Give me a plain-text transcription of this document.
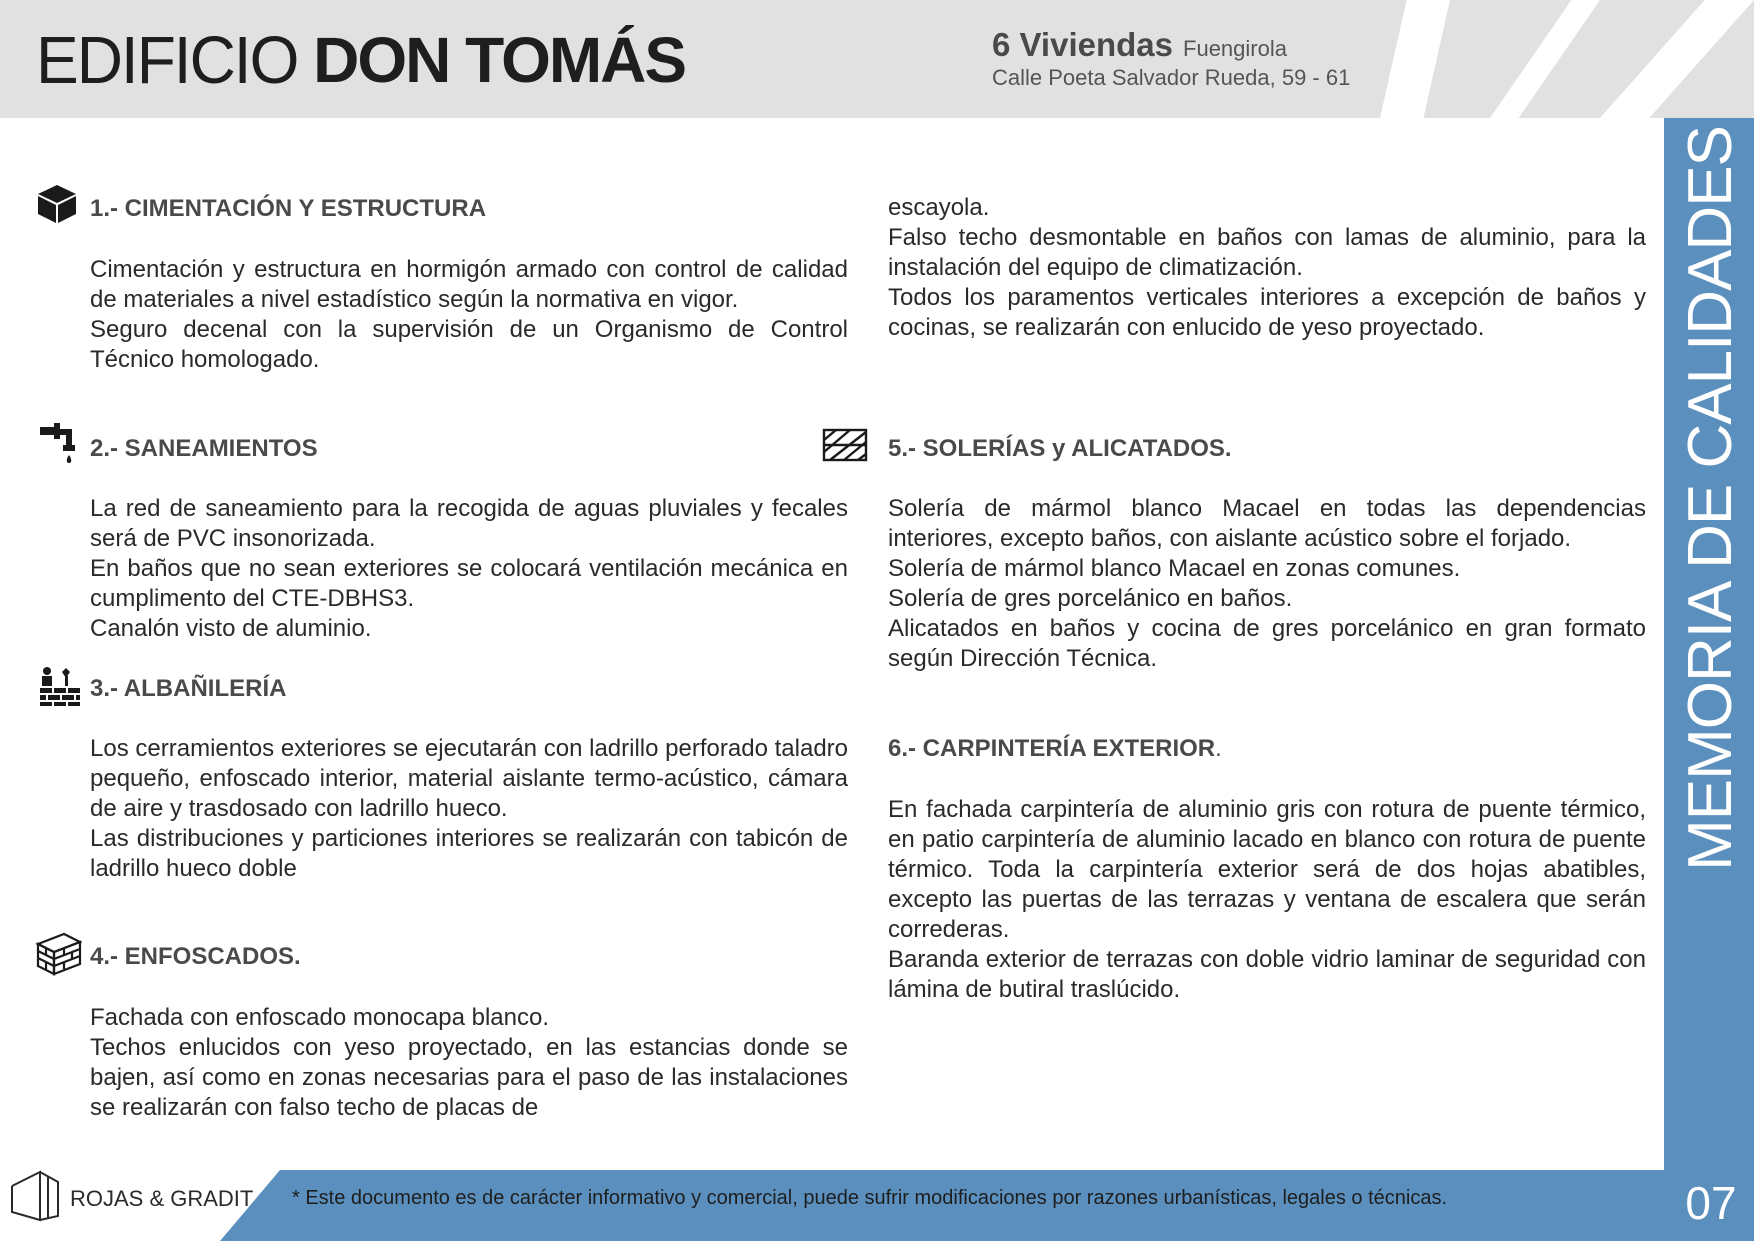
EDIFICIO DON TOMÁS	6 Viviendas Fuengirola
Calle Poeta Salvador Rueda, 59 - 61
MEMORIA DE CALIDADES
07
* Este documento es de carácter informativo y comercial, puede sufrir modificaciones por razones urbanísticas, legales o técnicas.
ROJAS & GRADIT
1.- CIMENTACIÓN Y ESTRUCTURA

Cimentación y estructura en hormigón armado con control de calidad de materiales a nivel estadístico según la normativa en vigor.

Seguro decenal con la supervisión de un Organismo de Control Técnico homologado.

2.- SANEAMIENTOS

La red de saneamiento para la recogida de aguas pluviales y fecales será de PVC insonorizada.

En baños que no sean exteriores se colocará ventilación mecánica en cumplimento del CTE-DBHS3.

Canalón visto de aluminio.

3.- ALBAÑILERÍA

Los cerramientos exteriores se ejecutarán con ladrillo perforado taladro pequeño, enfoscado interior, material aislante termo-acústico, cámara de aire y trasdosado con ladrillo hueco.

Las distribuciones y particiones interiores se realizarán con tabicón de ladrillo hueco doble

4.- ENFOSCADOS.

Fachada con enfoscado monocapa blanco.

Techos enlucidos con yeso proyectado, en las estancias donde se bajen, así como en zonas necesarias para el paso de las instalaciones se realizarán con falso techo de placas de

escayola.

Falso techo desmontable en baños con lamas de aluminio, para la instalación del equipo de climatización.

Todos los paramentos verticales interiores a excepción de baños y cocinas, se realizarán con enlucido de yeso proyectado.

5.- SOLERÍAS y ALICATADOS.

Solería de mármol blanco Macael en todas las dependencias interiores, excepto baños, con aislante acústico sobre el forjado.

Solería de mármol blanco Macael en zonas comunes.

Solería de gres porcelánico en baños.

Alicatados en baños y cocina de gres porcelánico en gran formato según Dirección Técnica.

6.- CARPINTERÍA EXTERIOR.

En fachada carpintería de aluminio gris con rotura de puente térmico, en patio carpintería de aluminio lacado en blanco con rotura de puente térmico. Toda la carpintería exterior será de dos hojas abatibles, excepto las puertas de las terrazas y ventana de escalera que serán correderas.

Baranda exterior de terrazas con doble vidrio laminar de seguridad con lámina de butiral traslúcido.
